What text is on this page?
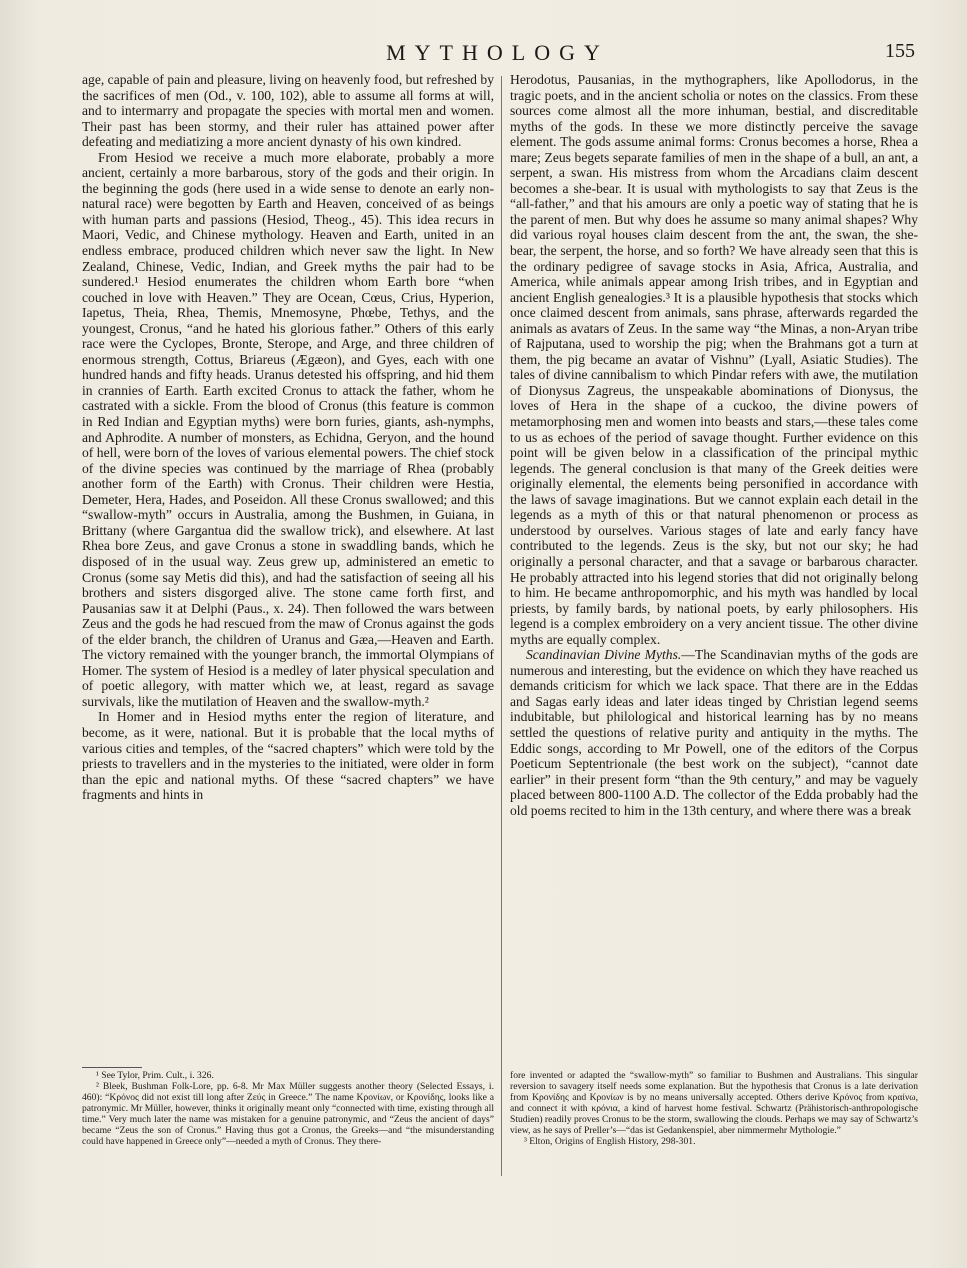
MYTHOLOGY	155

age, capable of pain and pleasure, living on heavenly food, but refreshed by the sacrifices of men (Od., v. 100, 102), able to assume all forms at will, and to intermarry and propagate the species with mortal men and women. Their past has been stormy, and their ruler has attained power after defeating and mediatizing a more ancient dynasty of his own kindred.

From Hesiod we receive a much more elaborate, probably a more ancient, certainly a more barbarous, story of the gods and their origin. In the beginning the gods (here used in a wide sense to denote an early non-natural race) were begotten by Earth and Heaven, conceived of as beings with human parts and passions (Hesiod, Theog., 45). This idea recurs in Maori, Vedic, and Chinese mythology. Heaven and Earth, united in an endless embrace, produced children which never saw the light. In New Zealand, Chinese, Vedic, Indian, and Greek myths the pair had to be sundered.¹ Hesiod enumerates the children whom Earth bore “when couched in love with Heaven.” They are Ocean, Cœus, Crius, Hyperion, Iapetus, Theia, Rhea, Themis, Mnemosyne, Phœbe, Tethys, and the youngest, Cronus, “and he hated his glorious father.” Others of this early race were the Cyclopes, Bronte, Sterope, and Arge, and three children of enormous strength, Cottus, Briareus (Ægæon), and Gyes, each with one hundred hands and fifty heads. Uranus detested his offspring, and hid them in crannies of Earth. Earth excited Cronus to attack the father, whom he castrated with a sickle. From the blood of Cronus (this feature is common in Red Indian and Egyptian myths) were born furies, giants, ash-nymphs, and Aphrodite. A number of monsters, as Echidna, Geryon, and the hound of hell, were born of the loves of various elemental powers. The chief stock of the divine species was continued by the marriage of Rhea (probably another form of the Earth) with Cronus. Their children were Hestia, Demeter, Hera, Hades, and Poseidon. All these Cronus swallowed; and this “swallow-myth” occurs in Australia, among the Bushmen, in Guiana, in Brittany (where Gargantua did the swallow trick), and elsewhere. At last Rhea bore Zeus, and gave Cronus a stone in swaddling bands, which he disposed of in the usual way. Zeus grew up, administered an emetic to Cronus (some say Metis did this), and had the satisfaction of seeing all his brothers and sisters disgorged alive. The stone came forth first, and Pausanias saw it at Delphi (Paus., x. 24). Then followed the wars between Zeus and the gods he had rescued from the maw of Cronus against the gods of the elder branch, the children of Uranus and Gæa,—Heaven and Earth. The victory remained with the younger branch, the immortal Olympians of Homer. The system of Hesiod is a medley of later physical speculation and of poetic allegory, with matter which we, at least, regard as savage survivals, like the mutilation of Heaven and the swallow-myth.²

In Homer and in Hesiod myths enter the region of literature, and become, as it were, national. But it is probable that the local myths of various cities and temples, of the “sacred chapters” which were told by the priests to travellers and in the mysteries to the initiated, were older in form than the epic and national myths. Of these “sacred chapters” we have fragments and hints in

Herodotus, Pausanias, in the mythographers, like Apollodorus, in the tragic poets, and in the ancient scholia or notes on the classics. From these sources come almost all the more inhuman, bestial, and discreditable myths of the gods. In these we more distinctly perceive the savage element. The gods assume animal forms: Cronus becomes a horse, Rhea a mare; Zeus begets separate families of men in the shape of a bull, an ant, a serpent, a swan. His mistress from whom the Arcadians claim descent becomes a she-bear. It is usual with mythologists to say that Zeus is the “all-father,” and that his amours are only a poetic way of stating that he is the parent of men. But why does he assume so many animal shapes? Why did various royal houses claim descent from the ant, the swan, the she-bear, the serpent, the horse, and so forth? We have already seen that this is the ordinary pedigree of savage stocks in Asia, Africa, Australia, and America, while animals appear among Irish tribes, and in Egyptian and ancient English genealogies.³ It is a plausible hypothesis that stocks which once claimed descent from animals, sans phrase, afterwards regarded the animals as avatars of Zeus. In the same way “the Minas, a non-Aryan tribe of Rajputana, used to worship the pig; when the Brahmans got a turn at them, the pig became an avatar of Vishnu” (Lyall, Asiatic Studies). The tales of divine cannibalism to which Pindar refers with awe, the mutilation of Dionysus Zagreus, the unspeakable abominations of Dionysus, the loves of Hera in the shape of a cuckoo, the divine powers of metamorphosing men and women into beasts and stars,—these tales come to us as echoes of the period of savage thought. Further evidence on this point will be given below in a classification of the principal mythic legends. The general conclusion is that many of the Greek deities were originally elemental, the elements being personified in accordance with the laws of savage imaginations. But we cannot explain each detail in the legends as a myth of this or that natural phenomenon or process as understood by ourselves. Various stages of late and early fancy have contributed to the legends. Zeus is the sky, but not our sky; he had originally a personal character, and that a savage or barbarous character. He probably attracted into his legend stories that did not originally belong to him. He became anthropomorphic, and his myth was handled by local priests, by family bards, by national poets, by early philosophers. His legend is a complex embroidery on a very ancient tissue. The other divine myths are equally complex.

Scandinavian Divine Myths.—The Scandinavian myths of the gods are numerous and interesting, but the evidence on which they have reached us demands criticism for which we lack space. That there are in the Eddas and Sagas early ideas and later ideas tinged by Christian legend seems indubitable, but philological and historical learning has by no means settled the questions of relative purity and antiquity in the myths. The Eddic songs, according to Mr Powell, one of the editors of the Corpus Poeticum Septentrionale (the best work on the subject), “cannot date earlier” in their present form “than the 9th century,” and may be vaguely placed between 800-1100 A.D. The collector of the Edda probably had the old poems recited to him in the 13th century, and where there was a break

¹ See Tylor, Prim. Cult., i. 326.

² Bleek, Bushman Folk-Lore, pp. 6-8. Mr Max Müller suggests another theory (Selected Essays, i. 460): “Kρόνος did not exist till long after Zεύς in Greece.” The name Kρονίων, or Kρονίδης, looks like a patronymic. Mr Müller, however, thinks it originally meant only “connected with time, existing through all time.” Very much later the name was mistaken for a genuine patronymic, and “Zeus the ancient of days” became “Zeus the son of Cronus.” Having thus got a Cronus, the Greeks—and “the misunderstanding could have happened in Greece only”—needed a myth of Cronus. They there-

fore invented or adapted the “swallow-myth” so familiar to Bushmen and Australians. This singular reversion to savagery itself needs some explanation. But the hypothesis that Cronus is a late derivation from Kρονίδης and Kρονίων is by no means universally accepted. Others derive Kρόνος from κραίνω, and connect it with κρόνια, a kind of harvest home festival. Schwartz (Prähistorisch-anthropologische Studien) readily proves Cronus to be the storm, swallowing the clouds. Perhaps we may say of Schwartz’s view, as he says of Preller’s—“das ist Gedankenspiel, aber nimmermehr Mythologie.”

³ Elton, Origins of English History, 298-301.
